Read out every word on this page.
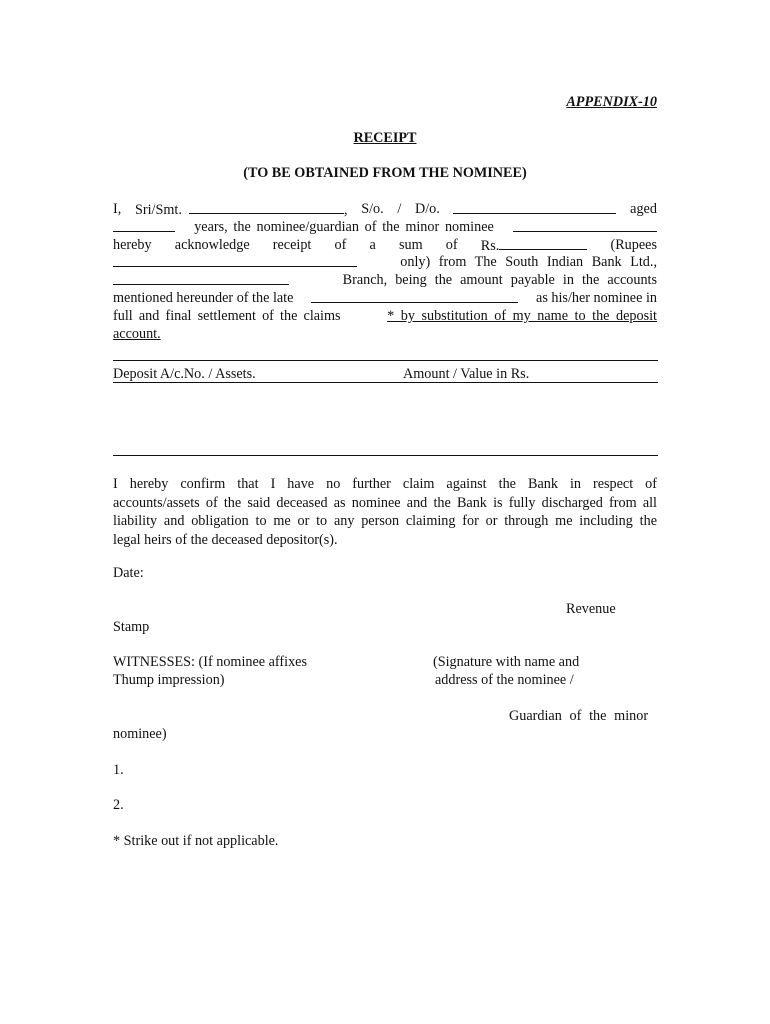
APPENDIX-10
RECEIPT
(TO BE OBTAINED FROM THE NOMINEE)
I, Sri/Smt.	, S/o. / D/o.	aged
years, the nominee/guardian of the minor nominee
hereby acknowledge receipt of a sum of Rs.	(Rupees
only) from The South Indian Bank Ltd.,
Branch, being the amount payable in the accounts
mentioned hereunder of the late	as his/her nominee in
full and final settlement of the claims	* by substitution of my name to the deposit
account.
Deposit A/c.No. / Assets.	Amount / Value in Rs.
I hereby confirm that I have no further claim against the Bank in respect of
accounts/assets of the said deceased as nominee and the Bank is fully discharged from all
liability and obligation to me or to any person claiming for or through me including the
legal heirs of the deceased depositor(s).
Date:
Revenue
Stamp
WITNESSES: (If nominee affixes
Thump impression)
(Signature with name and
address of the nominee /
Guardian of the minor
nominee)
1.
2.
* Strike out if not applicable.
